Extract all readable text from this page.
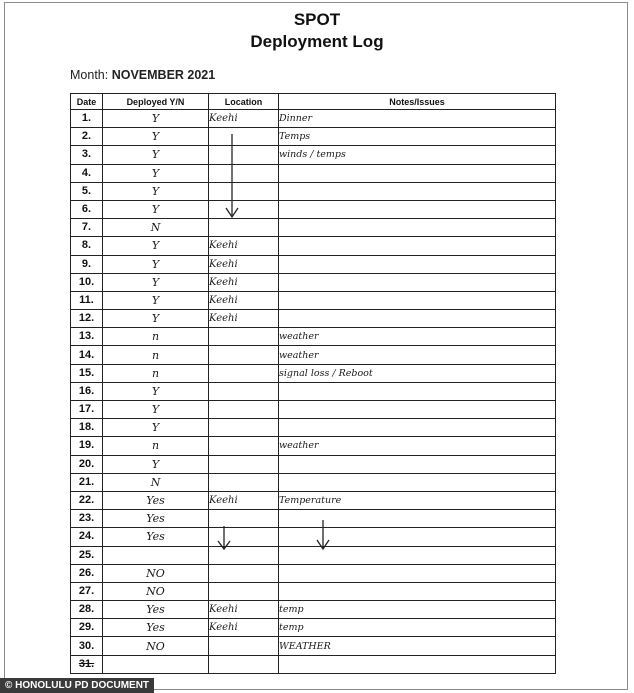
SPOT
Deployment Log
Month: NOVEMBER 2021
Date	Deployed Y/N	Location	Notes/Issues
1.	Y	Keehi	Dinner
2.	Y		Temps
3.	Y		winds / temps
4.	Y		
5.	Y		
6.	Y		
7.	N		
8.	Y	Keehi	
9.	Y	Keehi	
10.	Y	Keehi	
11.	Y	Keehi	
12.	Y	Keehi	
13.	n		weather
14.	n		weather
15.	n		signal loss / Reboot
16.	Y		
17.	Y		
18.	Y		
19.	n		weather
20.	Y		
21.	N		
22.	Yes	Keehi	Temperature
23.	Yes		
24.	Yes		
25.			
26.	NO		
27.	NO		
28.	Yes	Keehi	temp
29.	Yes	Keehi	temp
30.	NO		WEATHER
31.			
© HONOLULU PD DOCUMENT
